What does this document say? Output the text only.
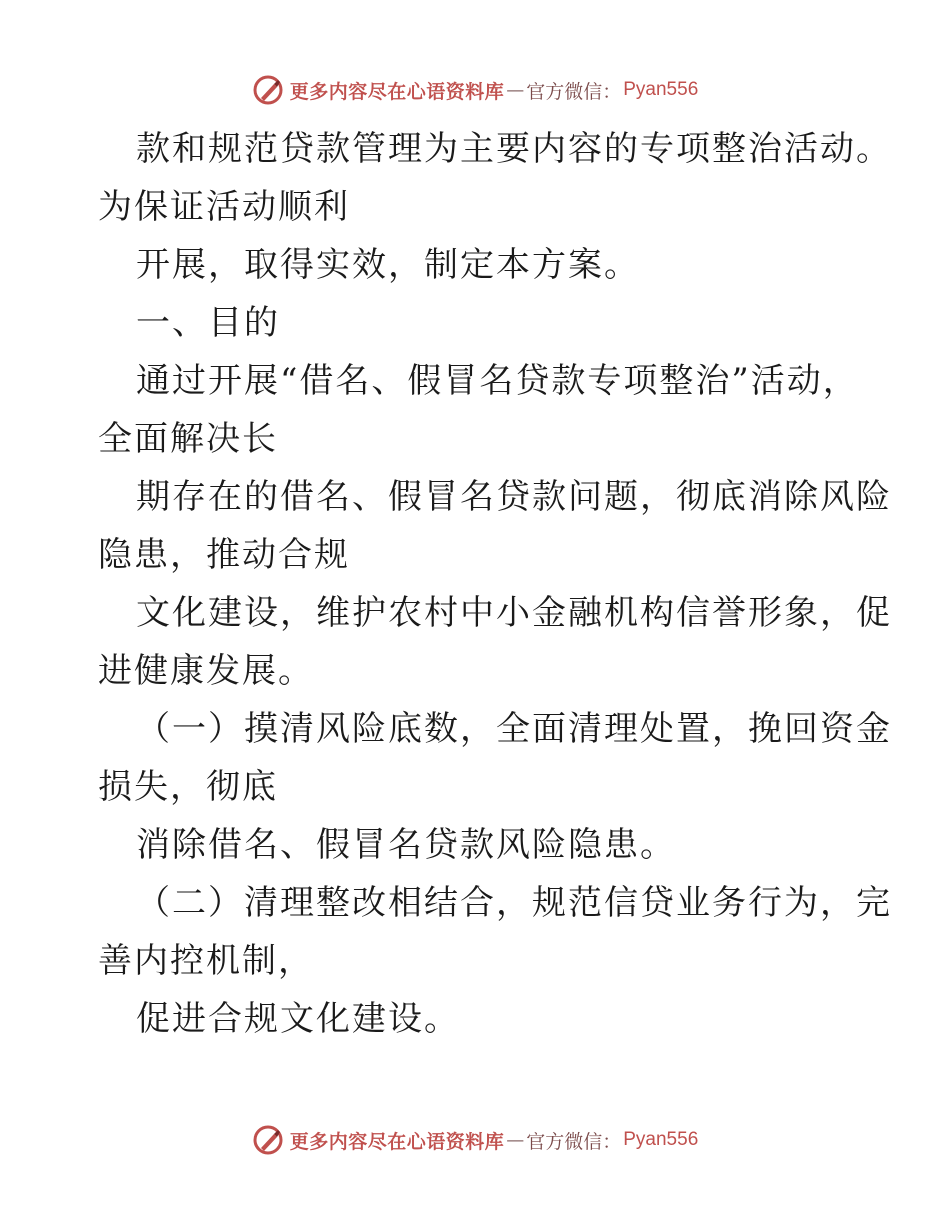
更多内容尽在心语资料库 — 官方微信： Pyan556
款和规范贷款管理为主要内容的专项整治活动。
为保证活动顺利
开展，取得实效，制定本方案。
一、目的
通过开展“借名、假冒名贷款专项整治”活动，
全面解决长
期存在的借名、假冒名贷款问题，彻底消除风险
隐患，推动合规
文化建设，维护农村中小金融机构信誉形象，促
进健康发展。
（一）摸清风险底数，全面清理处置，挽回资金
损失，彻底
消除借名、假冒名贷款风险隐患。
（二）清理整改相结合，规范信贷业务行为，完
善内控机制，
促进合规文化建设。
更多内容尽在心语资料库 — 官方微信： Pyan556
